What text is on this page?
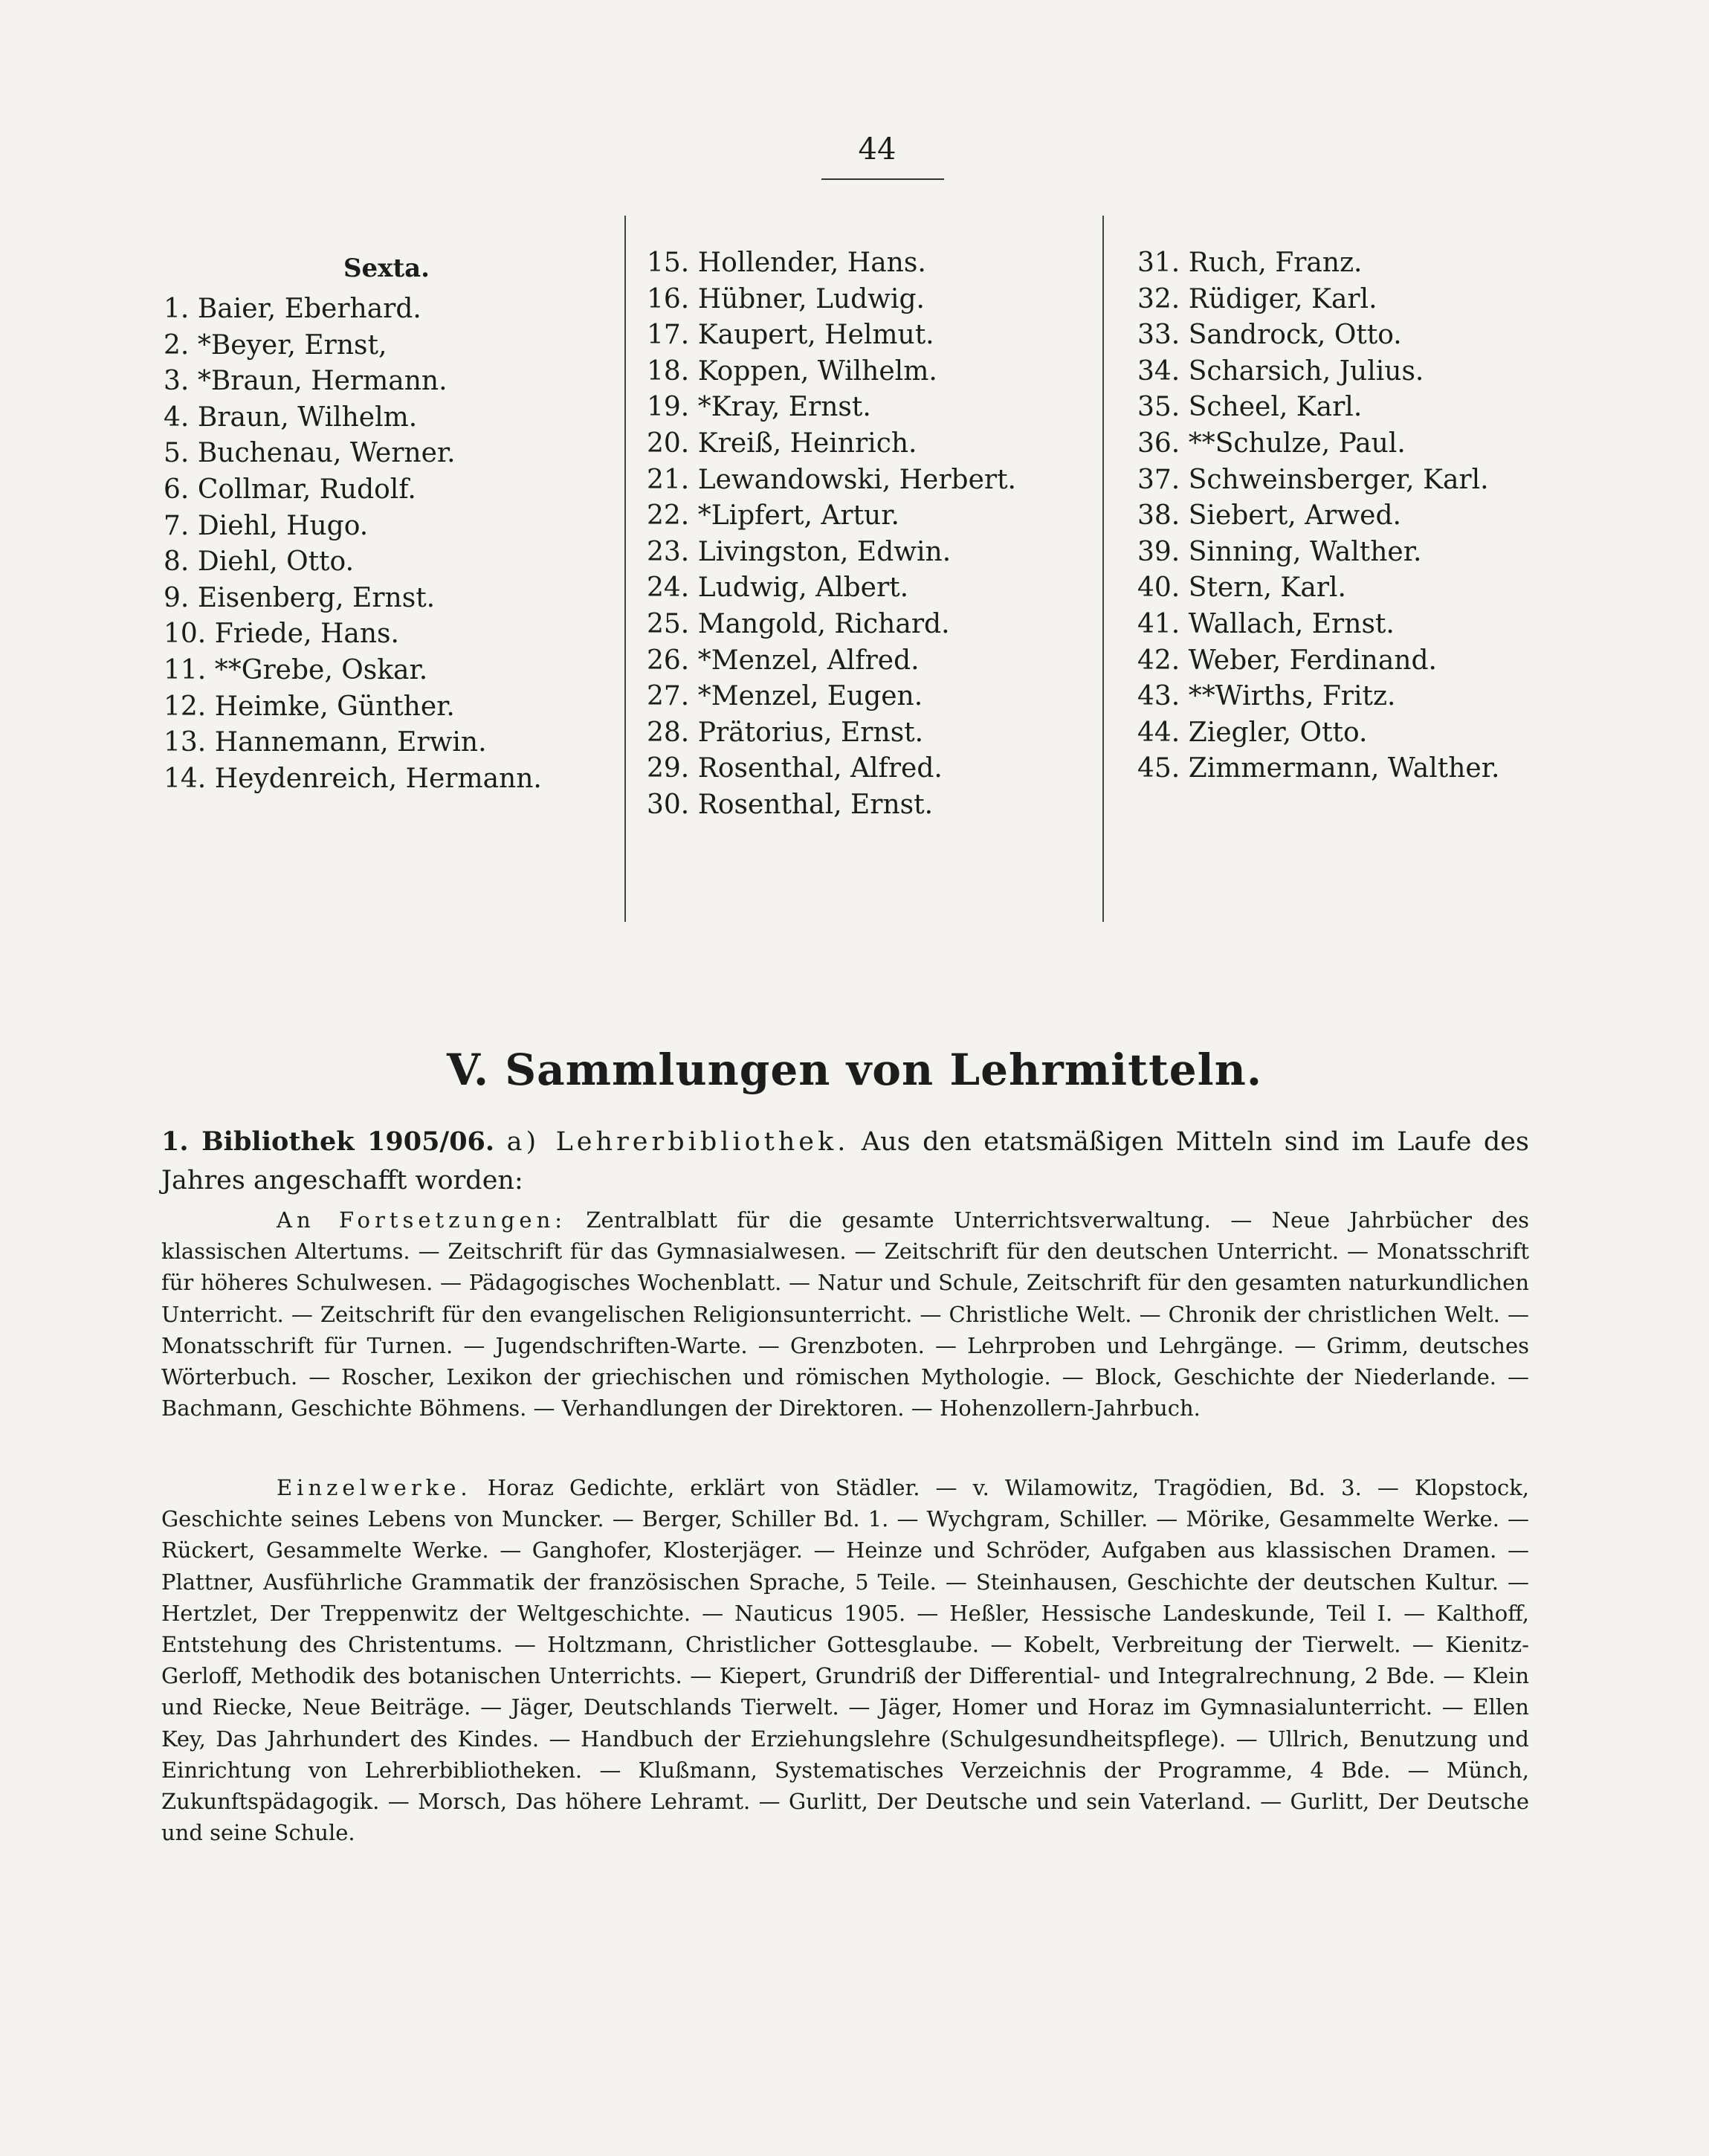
44
Sexta.
1. Baier, Eberhard.
2. *Beyer, Ernst,
3. *Braun, Hermann.
4. Braun, Wilhelm.
5. Buchenau, Werner.
6. Collmar, Rudolf.
7. Diehl, Hugo.
8. Diehl, Otto.
9. Eisenberg, Ernst.
10. Friede, Hans.
11. **Grebe, Oskar.
12. Heimke, Günther.
13. Hannemann, Erwin.
14. Heydenreich, Hermann.
15. Hollender, Hans.
16. Hübner, Ludwig.
17. Kaupert, Helmut.
18. Koppen, Wilhelm.
19. *Kray, Ernst.
20. Kreiß, Heinrich.
21. Lewandowski, Herbert.
22. *Lipfert, Artur.
23. Livingston, Edwin.
24. Ludwig, Albert.
25. Mangold, Richard.
26. *Menzel, Alfred.
27. *Menzel, Eugen.
28. Prätorius, Ernst.
29. Rosenthal, Alfred.
30. Rosenthal, Ernst.
31. Ruch, Franz.
32. Rüdiger, Karl.
33. Sandrock, Otto.
34. Scharsich, Julius.
35. Scheel, Karl.
36. **Schulze, Paul.
37. Schweinsberger, Karl.
38. Siebert, Arwed.
39. Sinning, Walther.
40. Stern, Karl.
41. Wallach, Ernst.
42. Weber, Ferdinand.
43. **Wirths, Fritz.
44. Ziegler, Otto.
45. Zimmermann, Walther.
V. Sammlungen von Lehrmitteln.
1. Bibliothek 1905/06. a) Lehrerbibliothek. Aus den etatsmäßigen Mitteln sind im Laufe des Jahres angeschafft worden:
An Fortsetzungen: Zentralblatt für die gesamte Unterrichtsverwaltung. — Neue Jahrbücher des klassischen Altertums. — Zeitschrift für das Gymnasialwesen. — Zeitschrift für den deutschen Unterricht. — Monatsschrift für höheres Schulwesen. — Pädagogisches Wochenblatt. — Natur und Schule, Zeitschrift für den gesamten naturkundlichen Unterricht. — Zeitschrift für den evangelischen Religionsunterricht. — Christliche Welt. — Chronik der christlichen Welt. — Monatsschrift für Turnen. — Jugendschriften-Warte. — Grenzboten. — Lehrproben und Lehrgänge. — Grimm, deutsches Wörterbuch. — Roscher, Lexikon der griechischen und römischen Mythologie. — Block, Geschichte der Niederlande. — Bachmann, Geschichte Böhmens. — Verhandlungen der Direktoren. — Hohenzollern-Jahrbuch.
Einzelwerke. Horaz Gedichte, erklärt von Städler. — v. Wilamowitz, Tragödien, Bd. 3. — Klopstock, Geschichte seines Lebens von Muncker. — Berger, Schiller Bd. 1. — Wychgram, Schiller. — Mörike, Gesammelte Werke. — Rückert, Gesammelte Werke. — Ganghofer, Klosterjäger. — Heinze und Schröder, Aufgaben aus klassischen Dramen. — Plattner, Ausführliche Grammatik der französischen Sprache, 5 Teile. — Steinhausen, Geschichte der deutschen Kultur. — Hertzlet, Der Treppenwitz der Weltgeschichte. — Nauticus 1905. — Heßler, Hessische Landeskunde, Teil I. — Kalthoff, Entstehung des Christentums. — Holtzmann, Christlicher Gottesglaube. — Kobelt, Verbreitung der Tierwelt. — Kienitz-Gerloff, Methodik des botanischen Unterrichts. — Kiepert, Grundriß der Differential- und Integralrechnung, 2 Bde. — Klein und Riecke, Neue Beiträge. — Jäger, Deutschlands Tierwelt. — Jäger, Homer und Horaz im Gymnasialunterricht. — Ellen Key, Das Jahrhundert des Kindes. — Handbuch der Erziehungslehre (Schulgesundheitspflege). — Ullrich, Benutzung und Einrichtung von Lehrerbibliotheken. — Klußmann, Systematisches Verzeichnis der Programme, 4 Bde. — Münch, Zukunftspädagogik. — Morsch, Das höhere Lehramt. — Gurlitt, Der Deutsche und sein Vaterland. — Gurlitt, Der Deutsche und seine Schule.
